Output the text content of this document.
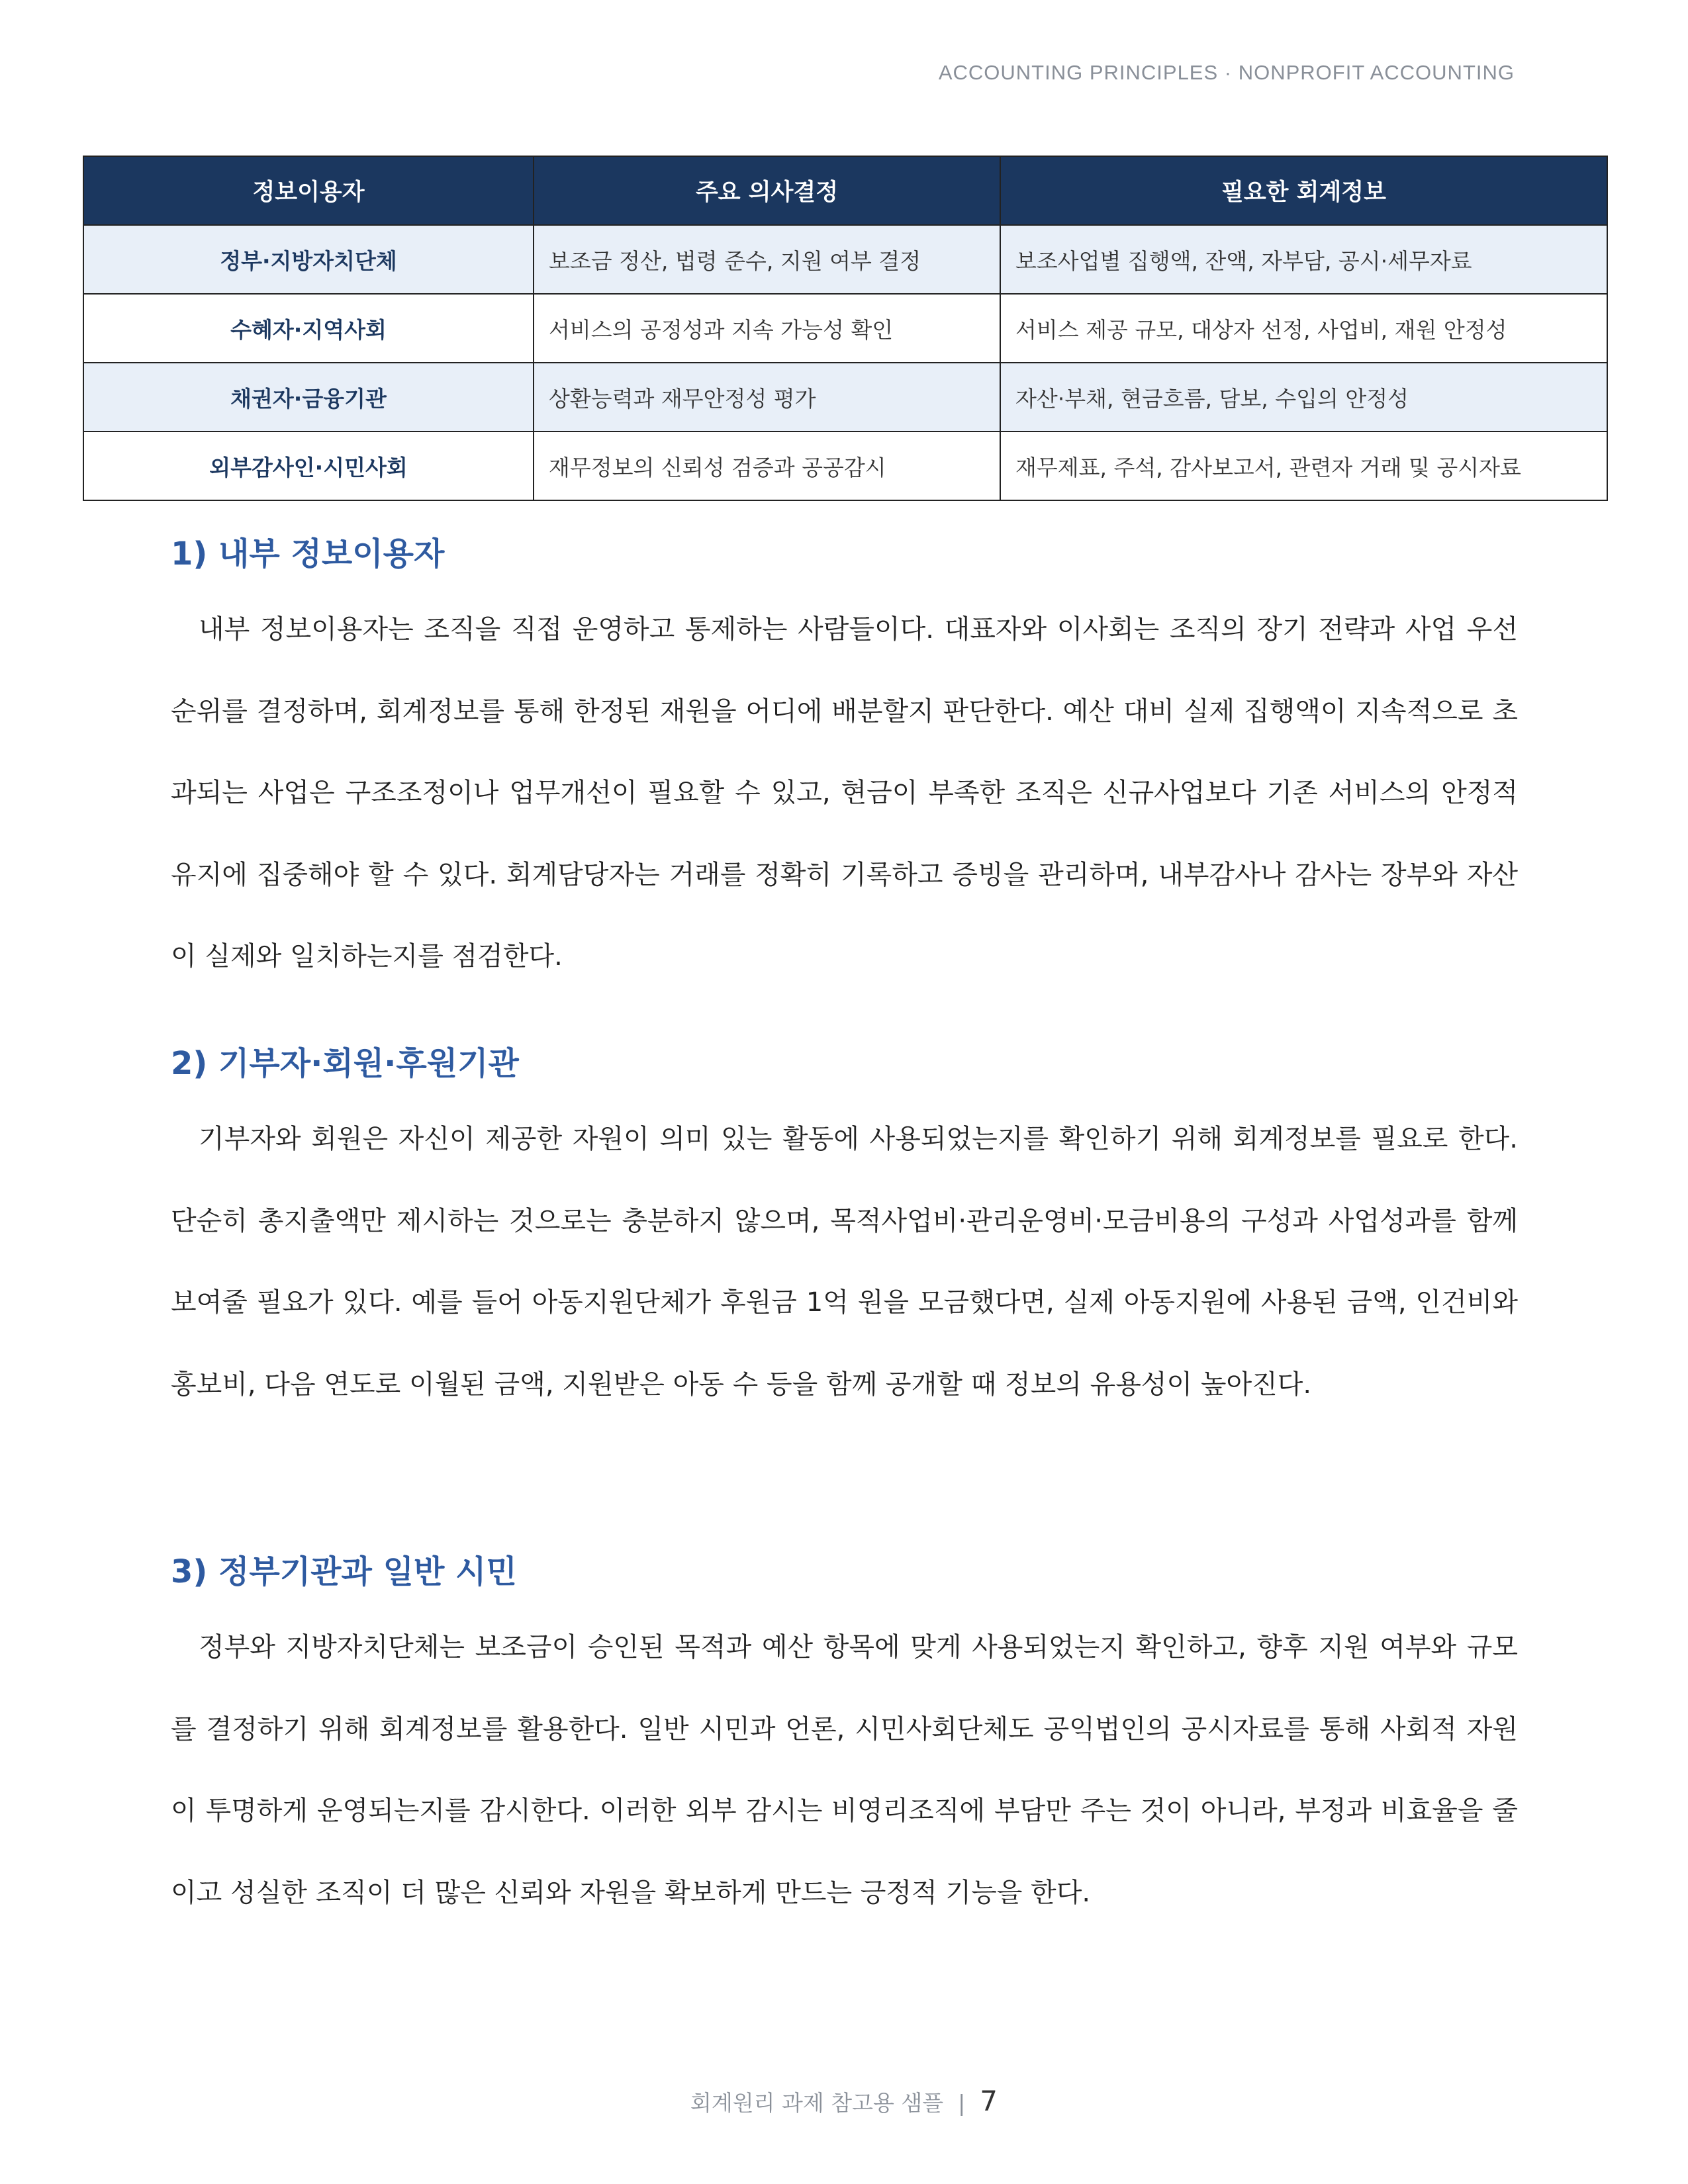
ACCOUNTING PRINCIPLES · NONPROFIT ACCOUNTING
정보이용자	주요 의사결정	필요한 회계정보
정부·지방자치단체	보조금 정산, 법령 준수, 지원 여부 결정	보조사업별 집행액, 잔액, 자부담, 공시·세무자료
수혜자·지역사회	서비스의 공정성과 지속 가능성 확인	서비스 제공 규모, 대상자 선정, 사업비, 재원 안정성
채권자·금융기관	상환능력과 재무안정성 평가	자산·부채, 현금흐름, 담보, 수입의 안정성
외부감사인·시민사회	재무정보의 신뢰성 검증과 공공감시	재무제표, 주석, 감사보고서, 관련자 거래 및 공시자료
1) 내부 정보이용자

내부 정보이용자는 조직을 직접 운영하고 통제하는 사람들이다. 대표자와 이사회는 조직의 장기 전략과 사업 우선순위를 결정하며, 회계정보를 통해 한정된 재원을 어디에 배분할지 판단한다. 예산 대비 실제 집행액이 지속적으로 초과되는 사업은 구조조정이나 업무개선이 필요할 수 있고, 현금이 부족한 조직은 신규사업보다 기존 서비스의 안정적 유지에 집중해야 할 수 있다. 회계담당자는 거래를 정확히 기록하고 증빙을 관리하며, 내부감사나 감사는 장부와 자산이 실제와 일치하는지를 점검한다.

2) 기부자·회원·후원기관

기부자와 회원은 자신이 제공한 자원이 의미 있는 활동에 사용되었는지를 확인하기 위해 회계정보를 필요로 한다. 단순히 총지출액만 제시하는 것으로는 충분하지 않으며, 목적사업비·관리운영비·모금비용의 구성과 사업성과를 함께 보여줄 필요가 있다. 예를 들어 아동지원단체가 후원금 1억 원을 모금했다면, 실제 아동지원에 사용된 금액, 인건비와 홍보비, 다음 연도로 이월된 금액, 지원받은 아동 수 등을 함께 공개할 때 정보의 유용성이 높아진다.

3) 정부기관과 일반 시민

정부와 지방자치단체는 보조금이 승인된 목적과 예산 항목에 맞게 사용되었는지 확인하고, 향후 지원 여부와 규모를 결정하기 위해 회계정보를 활용한다. 일반 시민과 언론, 시민사회단체도 공익법인의 공시자료를 통해 사회적 자원이 투명하게 운영되는지를 감시한다. 이러한 외부 감시는 비영리조직에 부담만 주는 것이 아니라, 부정과 비효율을 줄이고 성실한 조직이 더 많은 신뢰와 자원을 확보하게 만드는 긍정적 기능을 한다.

회계원리 과제 참고용 샘플 | 7
